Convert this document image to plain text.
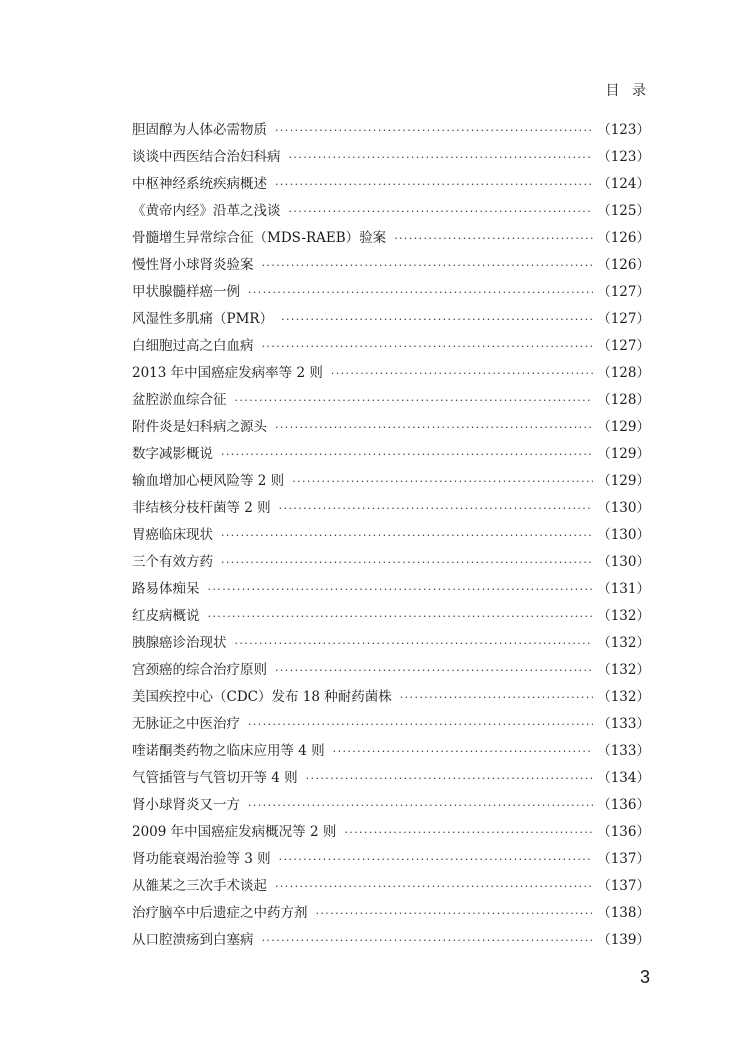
目 录
胆固醇为人体必需物质 ·····	（123）
谈谈中西医结合治妇科病 ·····	（123）
中枢神经系统疾病概述 ·····	（124）
《黄帝内经》沿革之浅谈 ·····	（125）
骨髓增生异常综合征（MDS-RAEB）验案 ·····	（126）
慢性肾小球肾炎验案 ·····	（126）
甲状腺髓样癌一例 ·····	（127）
风湿性多肌痛（PMR） ·····	（127）
白细胞过高之白血病 ·····	（127）
2013 年中国癌症发病率等 2 则 ·····	（128）
盆腔淤血综合征 ·····	（128）
附件炎是妇科病之源头 ·····	（129）
数字减影概说 ·····	（129）
输血增加心梗风险等 2 则 ·····	（129）
非结核分枝杆菌等 2 则 ·····	（130）
胃癌临床现状 ·····	（130）
三个有效方药 ·····	（130）
路易体痴呆 ·····	（131）
红皮病概说 ·····	（132）
胰腺癌诊治现状 ·····	（132）
宫颈癌的综合治疗原则 ·····	（132）
美国疾控中心（CDC）发布 18 种耐药菌株 ·····	（132）
无脉证之中医治疗 ·····	（133）
喹诺酮类药物之临床应用等 4 则 ·····	（133）
气管插管与气管切开等 4 则 ·····	（134）
肾小球肾炎又一方 ·····	（136）
2009 年中国癌症发病概况等 2 则 ·····	（136）
肾功能衰竭治验等 3 则 ·····	（137）
从雒某之三次手术谈起 ·····	（137）
治疗脑卒中后遗症之中药方剂 ·····	（138）
从口腔溃疡到白塞病 ·····	（139）
3
